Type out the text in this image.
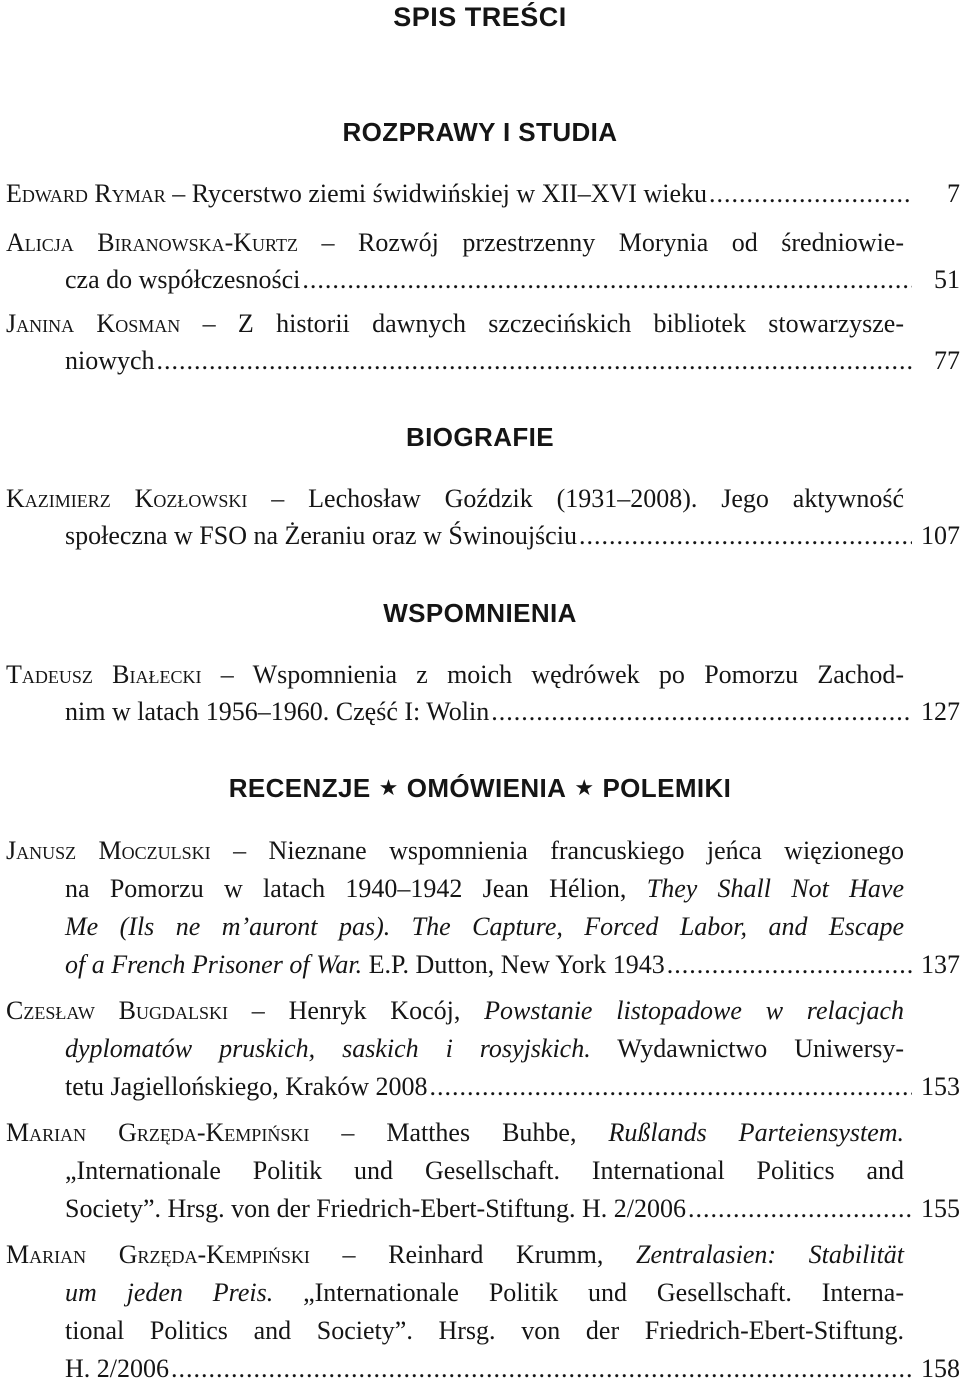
SPIS TREŚCI
ROZPRAWY I STUDIA
Edward Rymar – Rycerstwo ziemi świdwińskiej w XII–XVI wieku .....	7
Alicja Biranowska-Kurtz – Rozwój przestrzenny Morynia od średniowie-
cza do współczesności .....	51
Janina Kosman – Z historii dawnych szczecińskich bibliotek stowarzysze-
niowych .....	77
BIOGRAFIE
Kazimierz Kozłowski – Lechosław Goździk (1931–2008). Jego aktywność
społeczna w FSO na Żeraniu oraz w Świnoujściu .....	107
WSPOMNIENIA
Tadeusz Białecki – Wspomnienia z moich wędrówek po Pomorzu Zachod-
nim w latach 1956–1960. Część I: Wolin .....	127
RECENZJE ★ OMÓWIENIA ★ POLEMIKI
Janusz Moczulski – Nieznane wspomnienia francuskiego jeńca więzionego
na Pomorzu w latach 1940–1942 Jean Hélion, They Shall Not Have
Me (Ils ne m’auront pas). The Capture, Forced Labor, and Escape
of a French Prisoner of War. E.P. Dutton, New York 1943 .....	137
Czesław Bugdalski – Henryk Kocój, Powstanie listopadowe w relacjach
dyplomatów pruskich, saskich i rosyjskich. Wydawnictwo Uniwersy-
tetu Jagiellońskiego, Kraków 2008 .....	153
Marian Grzęda-Kempiński – Matthes Buhbe, Rußlands Parteiensystem.
„Internationale Politik und Gesellschaft. International Politics and
Society”. Hrsg. von der Friedrich-Ebert-Stiftung. H. 2/2006 .....	155
Marian Grzęda-Kempiński – Reinhard Krumm, Zentralasien: Stabilität
um jeden Preis. „Internationale Politik und Gesellschaft. Interna-
tional Politics and Society”. Hrsg. von der Friedrich-Ebert-Stiftung.
H. 2/2006 .....	158
